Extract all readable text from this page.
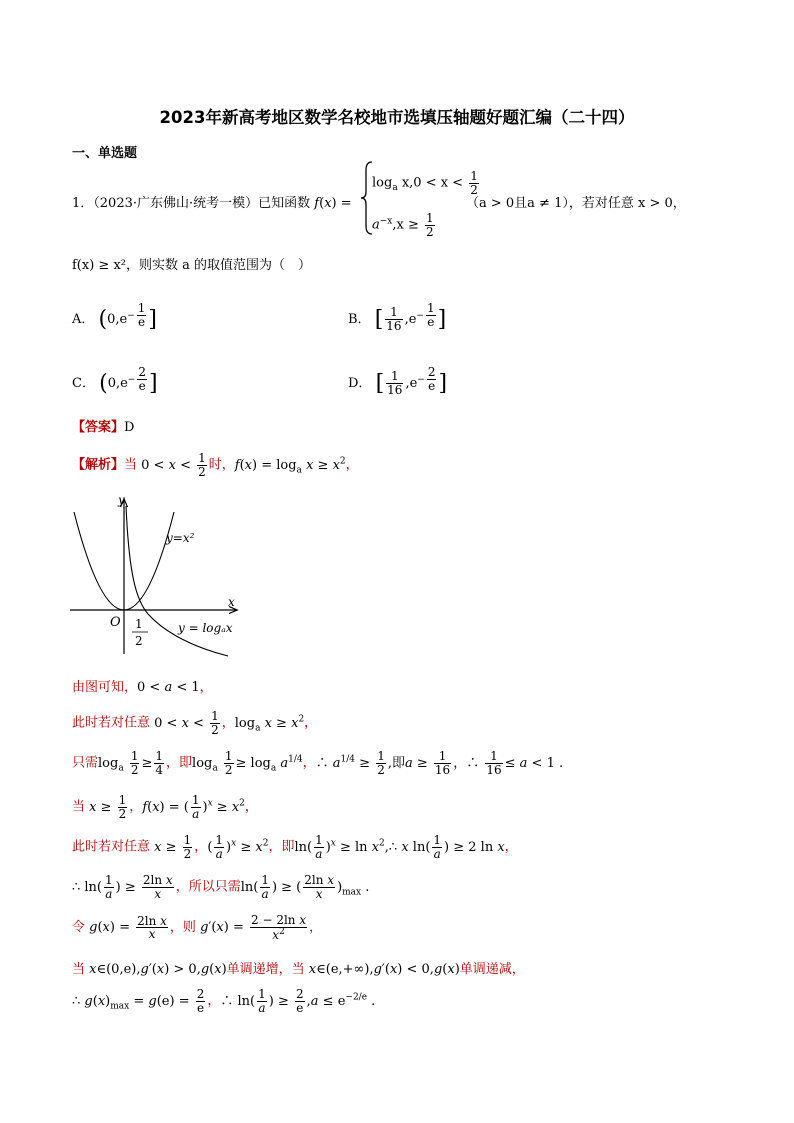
2023年新高考地区数学名校地市选填压轴题好题汇编（二十四）
一、单选题
1．（2023·广东佛山·统考一模）已知函数 f(x) =
$\log_a x,0 < x < \frac{1}{2}$
$a^{-x},x \ge \frac{1}{2}$
（a > 0且a ≠ 1），若对任意 x > 0，
f(x) ≥ x²，则实数 a 的取值范围为（　）
A． ($0,e^{- \frac{1}{e}}$ ]	B． [ $\frac{1}{16} ,e^{- \frac{1}{e}}$ ]
C． ($0,e^{- \frac{2}{e}}$ ]	D． [ $\frac{1}{16} ,e^{- \frac{2}{e}}$ ]
【答案】D
【解析】当 $0 < x < \frac{1}{2}$ 时，$f(x) = \log_a x \ge x^2$，
y
x
O 1
2
y=x²
y = logₐx
由图可知，0 < a < 1，
此时若对任意 $0 < x < \frac{1}{2}$ ，$\log_a x \ge x^2$，
只需$\log_a \frac{1}{2} \ge \frac{1}{4}$ ，即$\log_a \frac{1}{2} \ge \log_a a^{1/4}$，∴ $a^{1/4} \ge \frac{1}{2}$ ,即$a \ge \frac{1}{16}$ ，∴ $\frac{1}{16} \le a < 1$ .
当 $x \ge \frac{1}{2}$ ，f(x) = ( $\frac{1}{a} )^x \ge x^2$，
此时若对任意 $x \ge \frac{1}{2}$ ，( $\frac{1}{a} )^x \ge x^2$，即$\ln( \frac{1}{a} )^x \ge \ln$ $x^2,\therefore$ x $\ln( \frac{1}{a}$ ) ≥ 2 ln x，
∴ $\ln( \frac{1}{a}$ ) ≥ $\frac{\text{2ln x}}{x}$ ，所以只需$\ln( \frac{1}{a}$ ) ≥ ( $\frac{\text{2ln x}}{x} )_{max}$ .
令 $g(x) = \frac{\text{2ln x}}{x}$ ，则 $g'(x) = \frac{\text{2 − 2ln x}}{x^2}$ ，
当 x∈(0,e),g′(x) > 0,g(x)单调递增，当 x∈(e,+∞),g′(x) < 0,g(x)单调递减，
∴ $g(x)_{max} = g(e) = \frac{2}{e}$ ，∴ $\ln( \frac{1}{a}$ ) ≥ $\frac{2}{e} ,a \le e^{-2/e}$ .
